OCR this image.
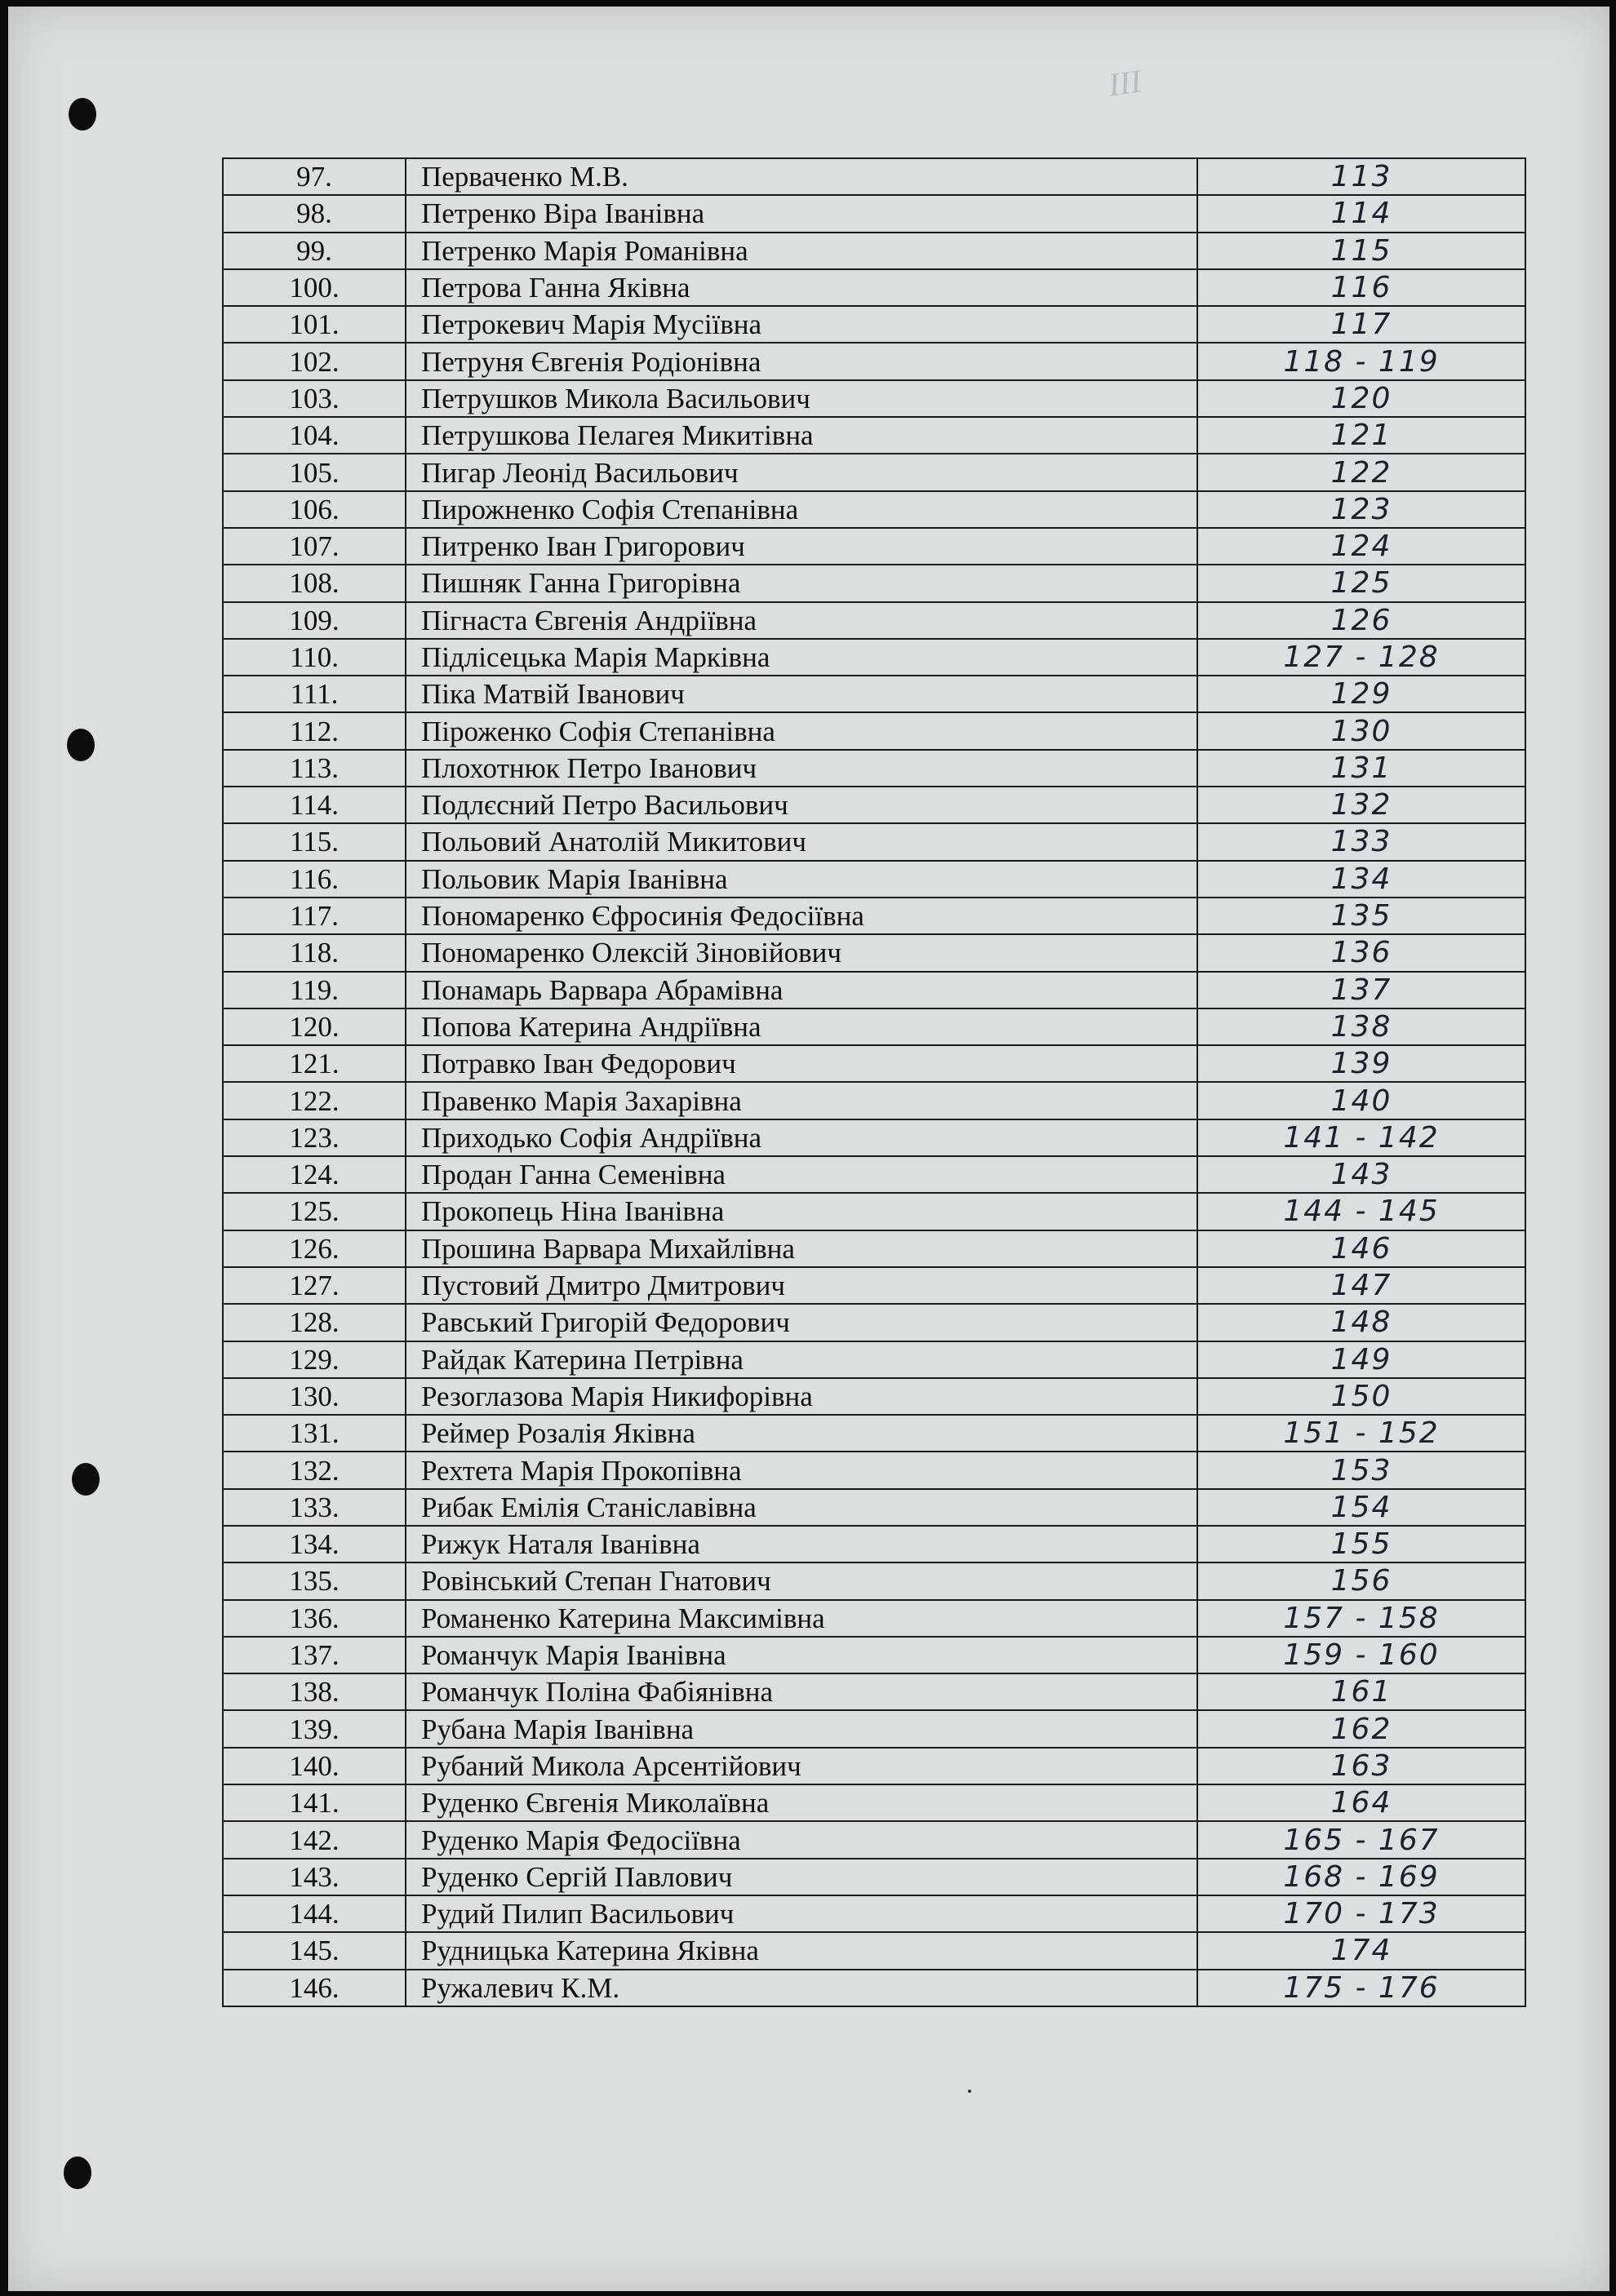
III
97.	Перваченко М.В.	113
98.	Петренко Віра Іванівна	114
99.	Петренко Марія Романівна	115
100.	Петрова Ганна Яківна	116
101.	Петрокевич Марія Мусіївна	117
102.	Петруня Євгенія Родіонівна	118 - 119
103.	Петрушков Микола Васильович	120
104.	Петрушкова Пелагея Микитівна	121
105.	Пигар Леонід Васильович	122
106.	Пирожненко Софія Степанівна	123
107.	Питренко Іван Григорович	124
108.	Пишняк Ганна Григорівна	125
109.	Пігнаста Євгенія Андріївна	126
110.	Підлісецька Марія Марківна	127 - 128
111.	Піка Матвій Іванович	129
112.	Піроженко Софія Степанівна	130
113.	Плохотнюк Петро Іванович	131
114.	Подлєсний Петро Васильович	132
115.	Польовий Анатолій Микитович	133
116.	Польовик Марія Іванівна	134
117.	Пономаренко Єфросинія Федосіївна	135
118.	Пономаренко Олексій Зіновійович	136
119.	Понамарь Варвара Абрамівна	137
120.	Попова Катерина Андріївна	138
121.	Потравко Іван Федорович	139
122.	Правенко Марія Захарівна	140
123.	Приходько Софія Андріївна	141 - 142
124.	Продан Ганна Семенівна	143
125.	Прокопець Ніна Іванівна	144 - 145
126.	Прошина Варвара Михайлівна	146
127.	Пустовий Дмитро Дмитрович	147
128.	Равський Григорій Федорович	148
129.	Райдак Катерина Петрівна	149
130.	Резоглазова Марія Никифорівна	150
131.	Реймер Розалія Яківна	151 - 152
132.	Рехтета Марія Прокопівна	153
133.	Рибак Емілія Станіславівна	154
134.	Рижук Наталя Іванівна	155
135.	Ровінський Степан Гнатович	156
136.	Романенко Катерина Максимівна	157 - 158
137.	Романчук Марія Іванівна	159 - 160
138.	Романчук Поліна Фабіянівна	161
139.	Рубана Марія Іванівна	162
140.	Рубаний Микола Арсентійович	163
141.	Руденко Євгенія Миколаївна	164
142.	Руденко Марія Федосіївна	165 - 167
143.	Руденко Сергій Павлович	168 - 169
144.	Рудий Пилип Васильович	170 - 173
145.	Рудницька Катерина Яківна	174
146.	Ружалевич К.М.	175 - 176
